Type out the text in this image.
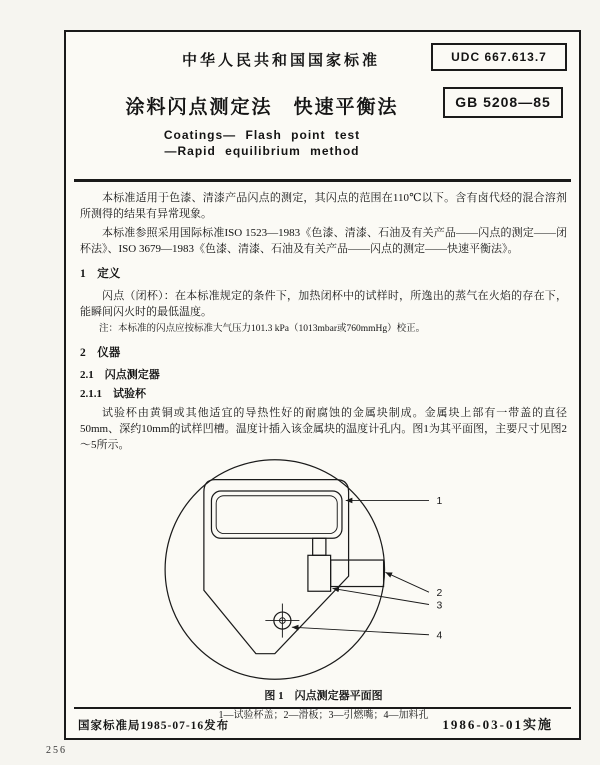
256
中华人民共和国国家标准	UDC 667.613.7
涂料闪点测定法　快速平衡法	GB 5208—85
Coatings— Flash point test
—Rapid equilibrium method

本标准适用于色漆、清漆产品闪点的测定，其闪点的范围在110℃以下。含有卤代烃的混合溶剂所测得的结果有异常现象。

本标准参照采用国际标准ISO 1523—1983《色漆、清漆、石油及有关产品——闪点的测定——闭杯法》、ISO 3679—1983《色漆、清漆、石油及有关产品——闪点的测定——快速平衡法》。

1　定义

闪点（闭杯）：在本标准规定的条件下，加热闭杯中的试样时，所逸出的蒸气在火焰的存在下，能瞬间闪火时的最低温度。

注：本标准的闪点应按标准大气压力101.3 kPa（1013mbar或760mmHg）校正。

2　仪器

2.1　闪点测定器

2.1.1　试验杯

试验杯由黄铜或其他适宜的导热性好的耐腐蚀的金属块制成。金属块上部有一带盖的直径50mm、深约10mm的试样凹槽。温度计插入该金属块的温度计孔内。图1为其平面图，主要尺寸见图2～5所示。

1
2
3
4
图 1　闪点测定器平面图
1—试验杯盖；2—滑板；3—引燃嘴；4—加料孔
国家标准局1985-07-16发布	1986-03-01实施
